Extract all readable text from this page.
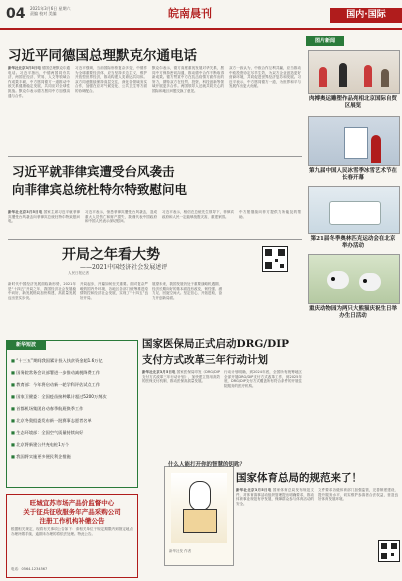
04 2021年3月6日 星期六
责编 校对 美编	皖南晨刊	国内·国际
习近平同德国总理默克尔通电话
新华社北京3月5日电 德国总理默克尔通电话。习近平指出，中德两国同舟共济，两国在经济、贸易、人文等领域合作成果丰硕，中方愿同德方一道推动中欧关系健康稳定发展，共同应对全球性挑战。默克尔表示德方愿同中方加强沟通与合作。
习近平强调，当前国际形势复杂多变，中德作为全球重要经济体，应当坚持多边主义，维护开放型世界经济，推动构建人类命运共同体。双方同意继续保持高层交往，深化各领域务实合作，加强在应对气候变化、公共卫生等方面的协调配合。
默克尔表示，德方高度重视发展对华关系，愿同中方保持密切沟通，推动德中合作不断取得新成果。德方赞赏中方在抗击疫情方面作出的努力，期待双方在经贸、投资、科技创新等领域开展更多合作。两国领导人还就共同关心的国际和地区问题交换了意见。
双方一致认为，中欧合作互利共赢，应当推动中欧投资协定尽早生效，为双方企业创造更好营商环境，共同促进世界经济复苏和发展。习近平表示，中方愿同德方一道，为世界和平与发展作出更大贡献。
习近平就菲律宾遭受台风袭击
向菲律宾总统杜特尔特致慰问电
新华社北京3月5日电 国家主席习近平就菲律宾遭受台风袭击向菲律宾总统杜特尔特致慰问电。
习近平表示，惊悉菲律宾遭受台风袭击，造成重大人员伤亡和财产损失，我谨代表中国政府和中国人民表示深切慰问。
习近平表示，相信在总统先生领导下，菲律宾政府和人民一定能够战胜灾害，重建家园。
中方愿继续向菲方提供力所能及的帮助。
开局之年看大势
——2021中国经济社会发展述评
人民日报记者
新时代中国经济发展面临新形势，2021年是“十四五”开局之年，我国经济社会发展稳中向好，新发展格局加快构建，高质量发展迈出坚实步伐。
开局起步，开篇如何至关重要。面对复杂严峻的国内外环境，各地区各部门统筹推进疫情防控和经济社会发展，实现了“十四五”良好开局。
展望未来，我国发展仍处于重要战略机遇期，经济长期向好的基本面没有改变，韧性强、潜力足、回旋空间大。坚定信心，开拓进取，奋力开创新局面。
国家医保局正式启动DRG/DIP
支付方式改革三年行动计划
新华社北京3月5日电 国家医保局印发《DRG/DIP支付方式改革三年行动计划》，加快建立管用高效的医保支付机制，推动医保高质量发展。
行动计划明确，到2024年底，全国所有统筹地区全部开展DRG/DIP支付方式改革工作，到2025年底，DRG/DIP支付方式覆盖所有符合条件的开展住院服务的医疗机构。
新华短波
■ “十三五”期间我国累计投入扶贫资金超1.6万亿
■ 国务院常务会议部署进一步推动减税降费工作
■ 教育部：今年将启动新一轮学科评估试点工作
■ 国家卫健委：全国疫苗接种累计超过5200万剂次
■ 首都机场集团启动春季航班换季工作
■ 北京冬奥组委发布新一批赛事志愿者名单
■ 生态环境部：全国空气质量持续向好
■ 北京将新建公共充电桩1万个
■ 我国将实施更多便民利企措施
旺城宜苏市场产品价监督中心
关于征兵征收服务年产品采购公司
注册工作机构补缴公告
根据相关规定，现将有关事项公告如下：请相关单位于规定期限内到指定地点办理补缴手续，逾期未办理的将依法处理。特此公告。
电话：0564-1234567
图片新闻
肉搏奥运雕塑作品亮相北京国际自贸区展览
第九届中国人民冰雪季冰雪艺术节在长春开幕
第21届冬季奥林匹克运动会在北京举办活动
重庆动物园为两只大熊猫庆祝生日举办生日活动
新华社发 作者
什么人能打开你的智慧的钥匙？
国家体育总局的规范来了！
新华社北京3月5日电 国家体育总局发布规范文件，对体育赛事活动组织管理提出明确要求，推动体育事业规范有序发展，保障群众参与体育活动的安全。
文件要求各级体育部门加强监管，完善制度建设，提升服务水平，切实维护参赛者合法权益，营造良好体育发展环境。
